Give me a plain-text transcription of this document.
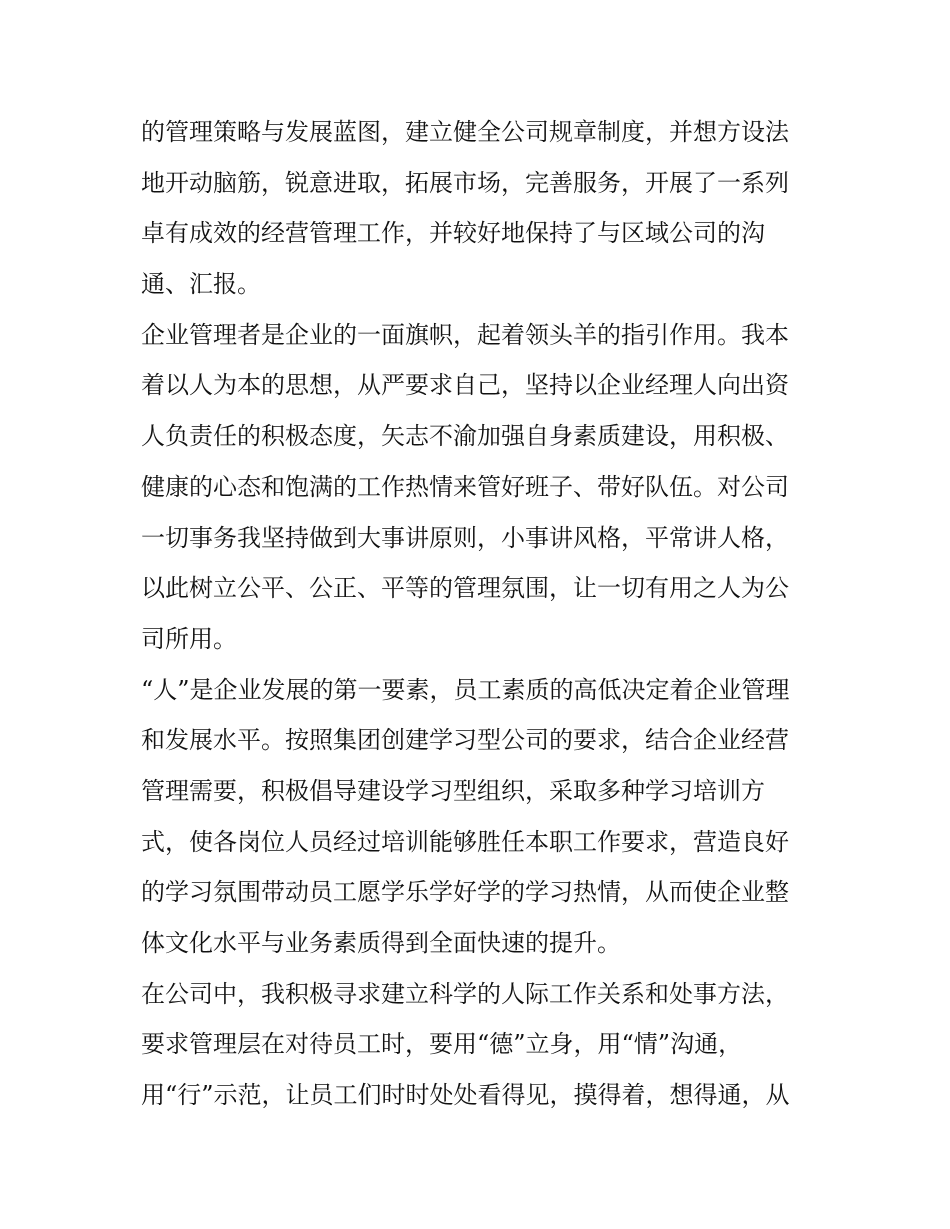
的管理策略与发展蓝图，建立健全公司规章制度，并想方设法
地开动脑筋，锐意进取，拓展市场，完善服务，开展了一系列
卓有成效的经营管理工作，并较好地保持了与区域公司的沟
通、汇报。
企业管理者是企业的一面旗帜，起着领头羊的指引作用。我本
着以人为本的思想，从严要求自己，坚持以企业经理人向出资
人负责任的积极态度，矢志不渝加强自身素质建设，用积极、
健康的心态和饱满的工作热情来管好班子、带好队伍。对公司
一切事务我坚持做到大事讲原则，小事讲风格，平常讲人格，
以此树立公平、公正、平等的管理氛围，让一切有用之人为公
司所用。
“人”是企业发展的第一要素，员工素质的高低决定着企业管理
和发展水平。按照集团创建学习型公司的要求，结合企业经营
管理需要，积极倡导建设学习型组织，采取多种学习培训方
式，使各岗位人员经过培训能够胜任本职工作要求，营造良好
的学习氛围带动员工愿学乐学好学的学习热情，从而使企业整
体文化水平与业务素质得到全面快速的提升。
在公司中，我积极寻求建立科学的人际工作关系和处事方法，
要求管理层在对待员工时，要用“德”立身，用“情”沟通，
用“行”示范，让员工们时时处处看得见，摸得着，想得通，从
